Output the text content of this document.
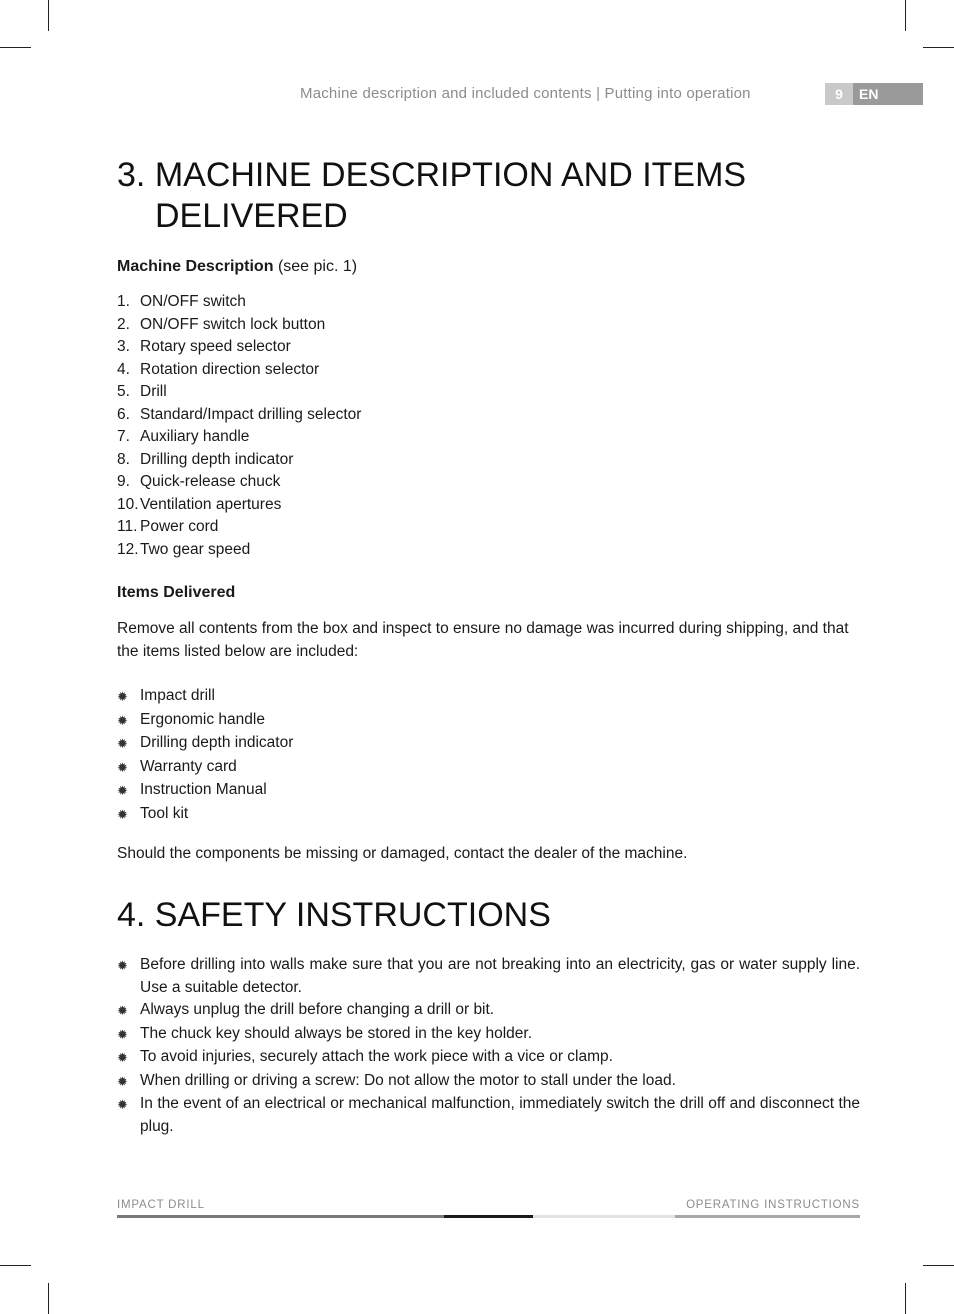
Machine description and included contents | Putting into operation	9	EN
3. MACHINE DESCRIPTION AND ITEMS
DELIVERED
Machine Description (see pic. 1)
1. ON/OFF switch
2. ON/OFF switch lock button
3. Rotary speed selector
4. Rotation direction selector
5. Drill
6. Standard/Impact drilling selector
7. Auxiliary handle
8. Drilling depth indicator
9. Quick-release chuck
10. Ventilation apertures
11. Power cord
12. Two gear speed
Items Delivered

Remove all contents from the box and inspect to ensure no damage was incurred during shipping, and that the items listed below are included:

✹ Impact drill
✹ Ergonomic handle
✹ Drilling depth indicator
✹ Warranty card
✹ Instruction Manual
✹ Tool kit

Should the components be missing or damaged, contact the dealer of the machine.

4. SAFETY INSTRUCTIONS
✹ Before drilling into walls make sure that you are not breaking into an electricity, gas or water supply line. Use a suitable detector.
✹ Always unplug the drill before changing a drill or bit.
✹ The chuck key should always be stored in the key holder.
✹ To avoid injuries, securely attach the work piece with a vice or clamp.
✹ When drilling or driving a screw: Do not allow the motor to stall under the load.
✹ In the event of an electrical or mechanical malfunction, immediately switch the drill off and disconnect the plug.
IMPACT DRILL	OPERATING INSTRUCTIONS
